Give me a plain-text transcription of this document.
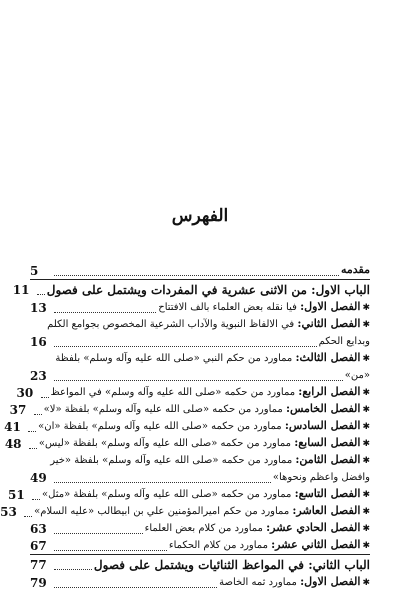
الفهرس
مقدمه
5
الباب الاول: من الاثنى عشرية في المفردات ويشتمل على فصول
11
✱الفصل الاول: فيا نقله بعض العلماء بالف الافتتاح
13
✱الفصل الثاني: في الالفاظ النبوية والآداب الشرعية المخصوص بجوامع الكلم
وبدايع الحكم
16
✱الفصل الثالث: مماورد من حكم النبي «صلى الله عليه وآله وسلم» بلفظة
«من»
23
✱الفصل الرابع: مماورد من حكمه «صلى الله عليه وآله وسلم» في المواعظ
30
✱الفصل الخامس: مماورد من حكمه «صلى الله عليه وآله وسلم» بلفظة «لا»
37
✱الفصل السادس: مماورد من حكمه «صلى الله عليه وآله وسلم» بلفظة «ان»
41
✱الفصل السابع: مماورد من حكمه «صلى الله عليه وآله وسلم» بلفظة «ليس»
48
✱الفصل الثامن: مماورد من حكمه «صلى الله عليه وآله وسلم» بلفظة «خير
وافضل واعظم ونحوها»
49
✱الفصل التاسع: مماورد من حكمه «صلى الله عليه وآله وسلم» بلفظة «مثل»
51
✱الفصل العاشر: مماورد من حكم اميرالمؤمنين علي بن ابيطالب «عليه السلام»
53
✱الفصل الحادي عشر: مماورد من كلام بعض العلماء
63
✱الفصل الثاني عشر: مماورد من كلام الحكماء
67
الباب الثاني: في المواعظ الثنائيات ويشتمل على فصول
77
✱الفصل الاول: مماورد ثمه الخاصة
79
